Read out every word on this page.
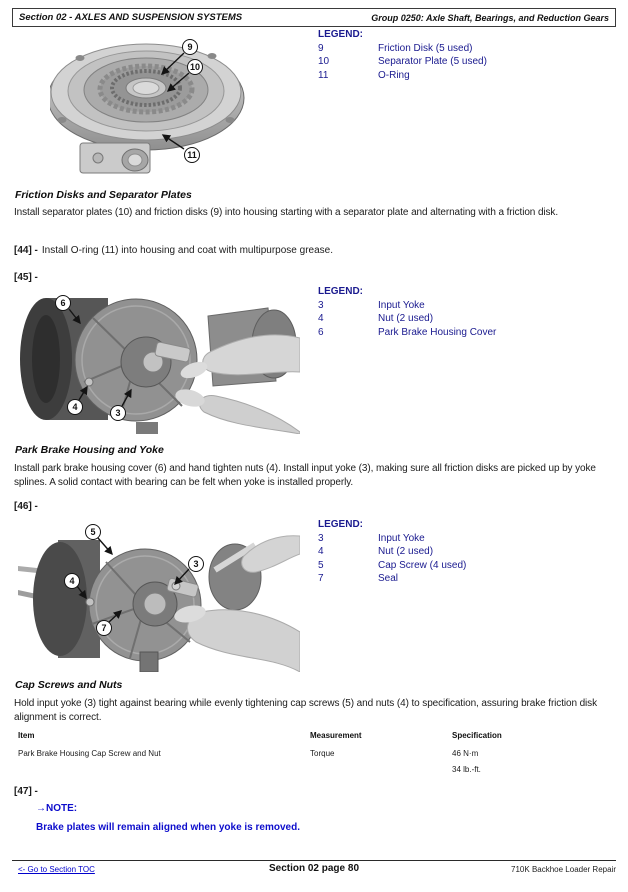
Section 02 - AXLES AND SUSPENSION SYSTEMS	Group 0250: Axle Shaft, Bearings, and Reduction Gears
9
10
11
LEGEND:
9	Friction Disk (5 used)
10	Separator Plate (5 used)
11	O-Ring
Friction Disks and Separator Plates
Install separator plates (10) and friction disks (9) into housing starting with a separator plate and alternating with a friction disk.
[44] - Install O-ring (11) into housing and coat with multipurpose grease.
[45] -
6
4
3
LEGEND:
3	Input Yoke
4	Nut (2 used)
6	Park Brake Housing Cover
Park Brake Housing and Yoke
Install park brake housing cover (6) and hand tighten nuts (4). Install input yoke (3), making sure all friction disks are picked up by yoke splines. A solid contact with bearing can be felt when yoke is installed properly.
[46] -
5
4
3
7
LEGEND:
3	Input Yoke
4	Nut (2 used)
5	Cap Screw (4 used)
7	Seal
Cap Screws and Nuts
Hold input yoke (3) tight against bearing while evenly tightening cap screws (5) and nuts (4) to specification, assuring brake friction disk alignment is correct.
Item	Measurement	Specification
Park Brake Housing Cap Screw and Nut	Torque	46 N·m
34 lb.-ft.
[47] -
→NOTE:
Brake plates will remain aligned when yoke is removed.
<- Go to Section TOC	Section 02 page 80	710K Backhoe Loader Repair
